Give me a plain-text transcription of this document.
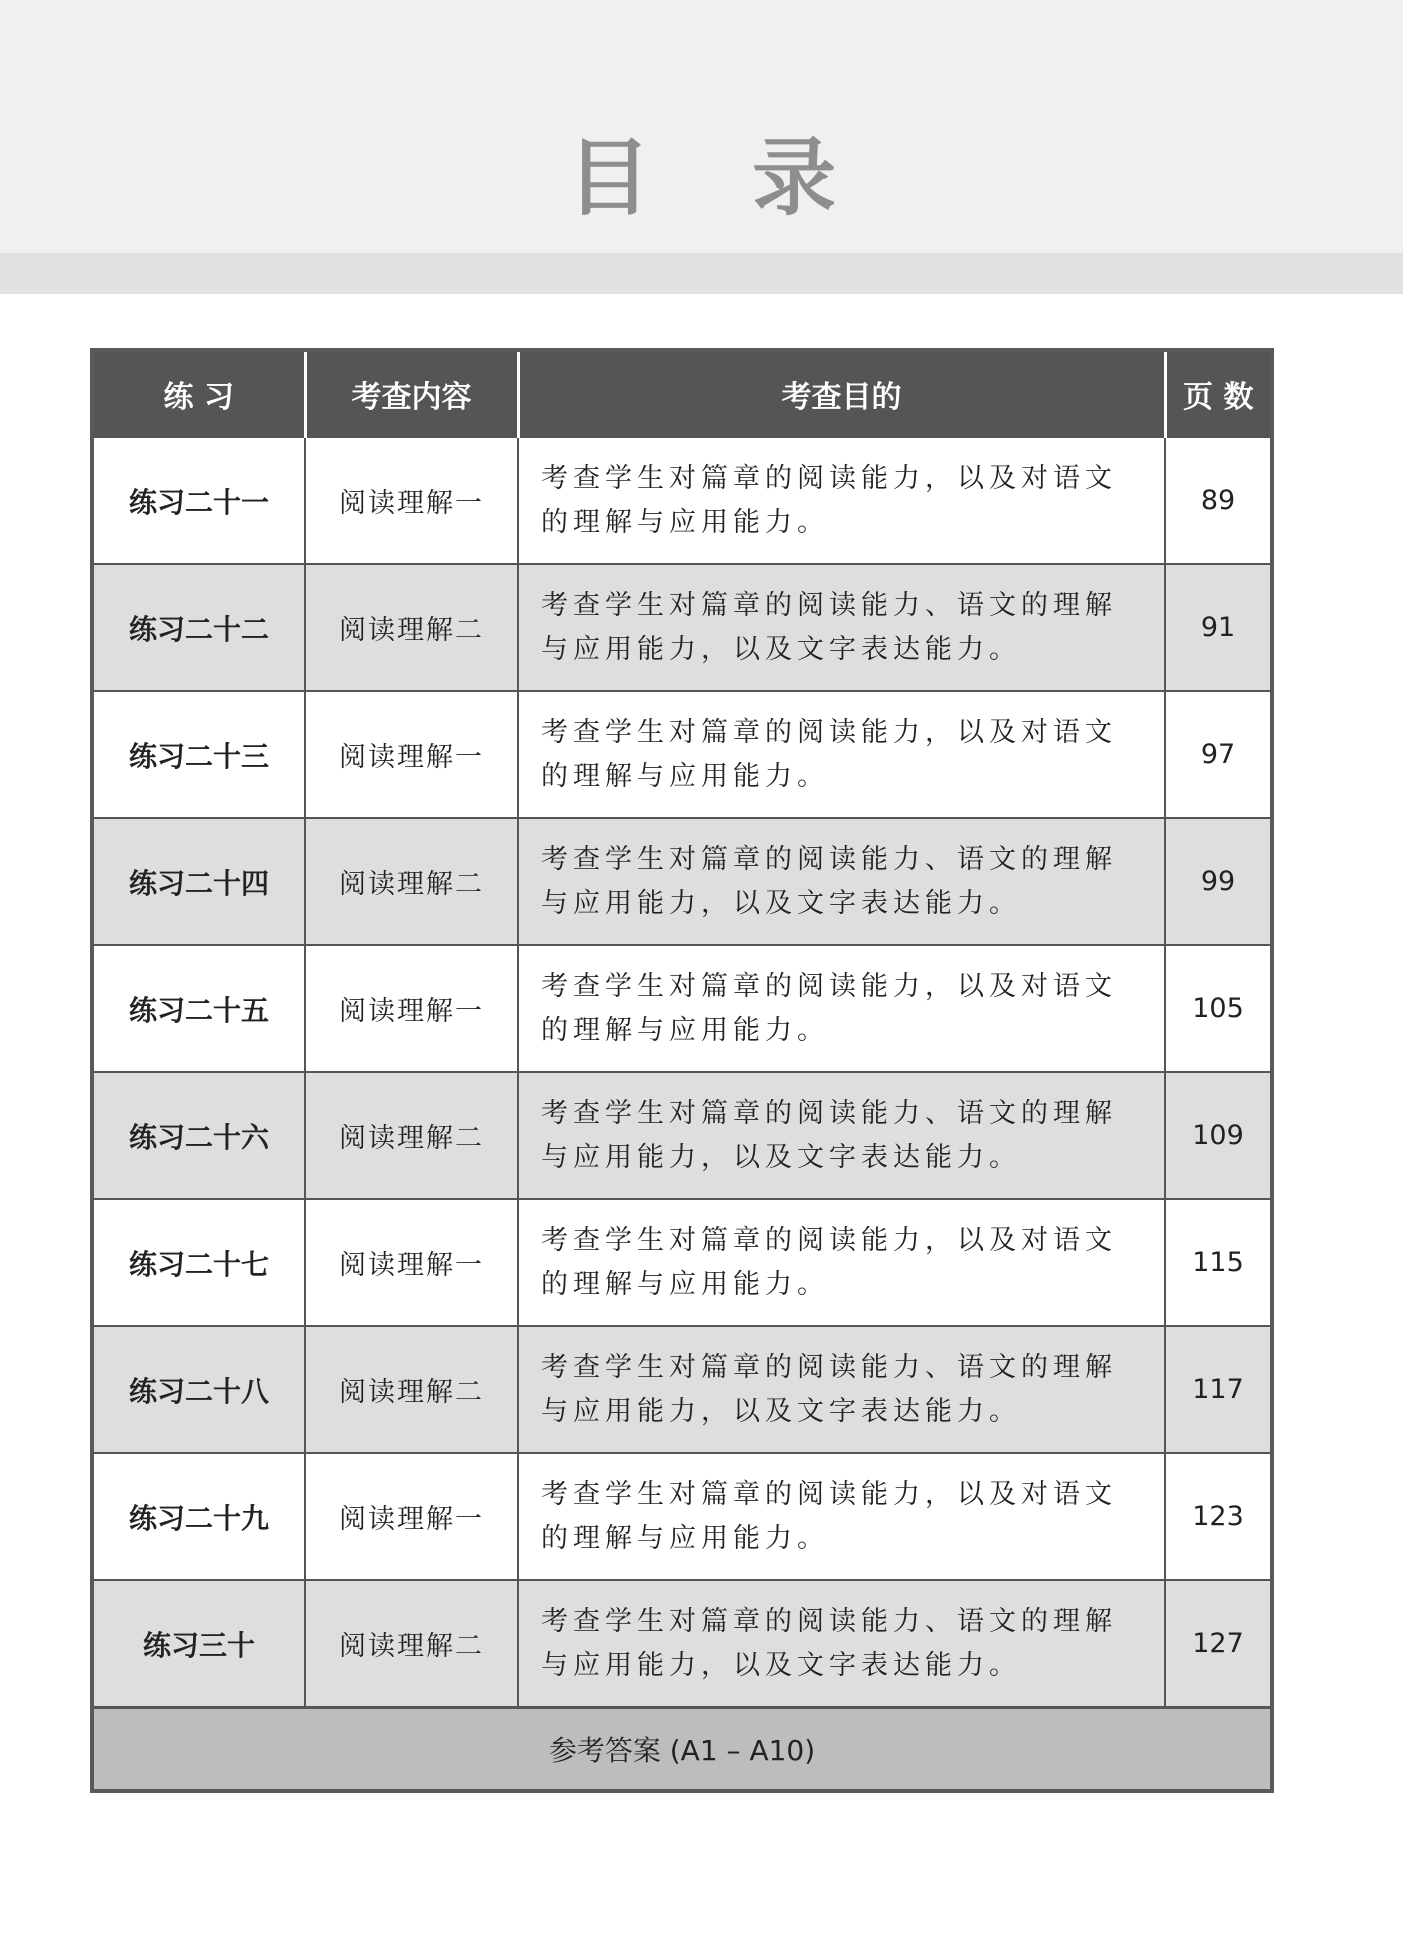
目 录
练 习	考查内容	考查目的	页 数
练习二十一	阅读理解一	考查学生对篇章的阅读能力，以及对语文的理解与应用能力。	89
练习二十二	阅读理解二	考查学生对篇章的阅读能力、语文的理解与应用能力，以及文字表达能力。	91
练习二十三	阅读理解一	考查学生对篇章的阅读能力，以及对语文的理解与应用能力。	97
练习二十四	阅读理解二	考查学生对篇章的阅读能力、语文的理解与应用能力，以及文字表达能力。	99
练习二十五	阅读理解一	考查学生对篇章的阅读能力，以及对语文的理解与应用能力。	105
练习二十六	阅读理解二	考查学生对篇章的阅读能力、语文的理解与应用能力，以及文字表达能力。	109
练习二十七	阅读理解一	考查学生对篇章的阅读能力，以及对语文的理解与应用能力。	115
练习二十八	阅读理解二	考查学生对篇章的阅读能力、语文的理解与应用能力，以及文字表达能力。	117
练习二十九	阅读理解一	考查学生对篇章的阅读能力，以及对语文的理解与应用能力。	123
练习三十	阅读理解二	考查学生对篇章的阅读能力、语文的理解与应用能力，以及文字表达能力。	127
参考答案 (A1 – A10)			
